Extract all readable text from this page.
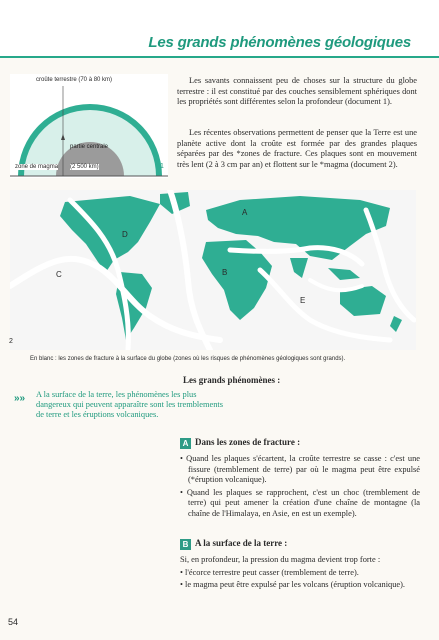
Les grands phénomènes géologiques
croûte terrestre (70 à 80 km)
partie centrale
zone de magma (2 500 km)	1
Les savants connaissent peu de choses sur la structure du globe terrestre : il est constitué par des couches sensiblement sphériques dont les propriétés sont différentes selon la profondeur (document 1).
Les récentes observations permettent de penser que la Terre est une planète active dont la croûte est formée par des grandes plaques séparées par des *zones de fracture. Ces plaques sont en mouvement très lent (2 à 3 cm par an) et flottent sur le *magma (document 2).
A
B
C
D
E
2
En blanc : les zones de fracture à la surface du globe (zones où les risques de phénomènes géologiques sont grands).
Les grands phénomènes :
»» A la surface de la terre, les phénomènes les plus dangereux qui peuvent apparaître sont les tremblements de terre et les éruptions volcaniques.
A Dans les zones de fracture :
• Quand les plaques s'écartent, la croûte terrestre se casse : c'est une fissure (tremblement de terre) par où le magma peut être expulsé (*éruption volcanique).
• Quand les plaques se rapprochent, c'est un choc (tremblement de terre) qui peut amener la création d'une chaîne de montagne (la chaîne de l'Himalaya, en Asie, en est un exemple).
B A la surface de la terre :
Si, en profondeur, la pression du magma devient trop forte :
• l'écorce terrestre peut casser (tremblement de terre).
• le magma peut être expulsé par les volcans (éruption volcanique).
54
